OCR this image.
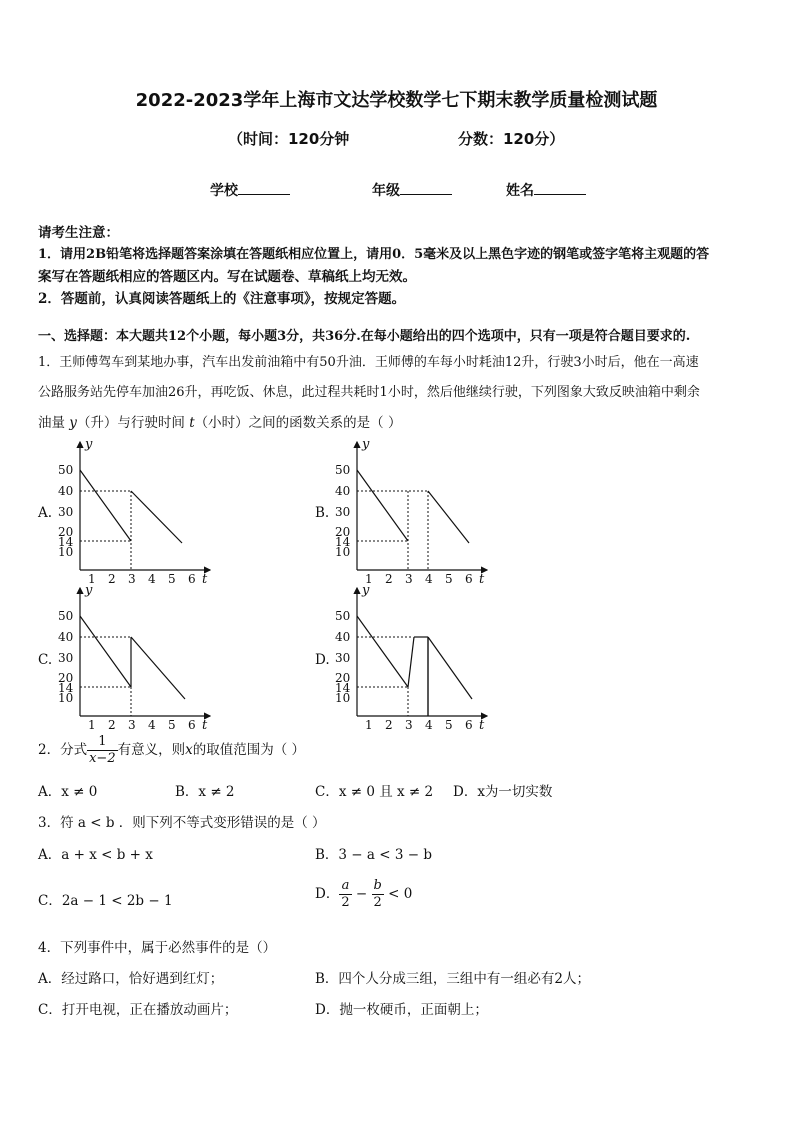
2022-2023学年上海市文达学校数学七下期末教学质量检测试题
（时间：120分钟	分数：120分）
学校	年级	姓名
请考生注意：
1．请用2B铅笔将选择题答案涂填在答题纸相应位置上，请用0．5毫米及以上黑色字迹的钢笔或签字笔将主观题的答
案写在答题纸相应的答题区内。写在试题卷、草稿纸上均无效。
2．答题前，认真阅读答题纸上的《注意事项》，按规定答题。
一、选择题：本大题共12个小题，每小题3分，共36分.在每小题给出的四个选项中，只有一项是符合题目要求的.
1．王师傅驾车到某地办事，汽车出发前油箱中有50升油．王师傅的车每小时耗油12升，行驶3小时后，他在一高速
公路服务站先停车加油26升，再吃饭、休息，此过程共耗时1小时，然后他继续行驶，下列图象大致反映油箱中剩余
油量 y（升）与行驶时间 t（小时）之间的函数关系的是（ ）
A.
y
t
50
40
30
20
14
10
1 2 3 4 5 6
B.
y
t
50
40
30
20
14
10
1 2 3 4 5 6
C.
y
t
50
40
30
20
14
10
1 2 3 4 5 6
D.
y
t
50
40
30
20
14
10
1 2 3 4 5 6
2．分式 $\frac{1}{x-2}$ 有意义，则x的取值范围为（ ）
A．x ≠ 0	B．x ≠ 2	C．x ≠ 0 且 x ≠ 2 D．x为一切实数
3．符 a < b ．则下列不等式变形错误的是（ ）
A．a + x < b + x	B．3 − a < 3 − b
C．2a − 1 < 2b − 1	D． $\frac{a}{2} - \frac{b}{2} < 0$
4．下列事件中，属于必然事件的是（）
A．经过路口，恰好遇到红灯；	B．四个人分成三组，三组中有一组必有2人；
C．打开电视，正在播放动画片；	D．抛一枚硬币，正面朝上；
